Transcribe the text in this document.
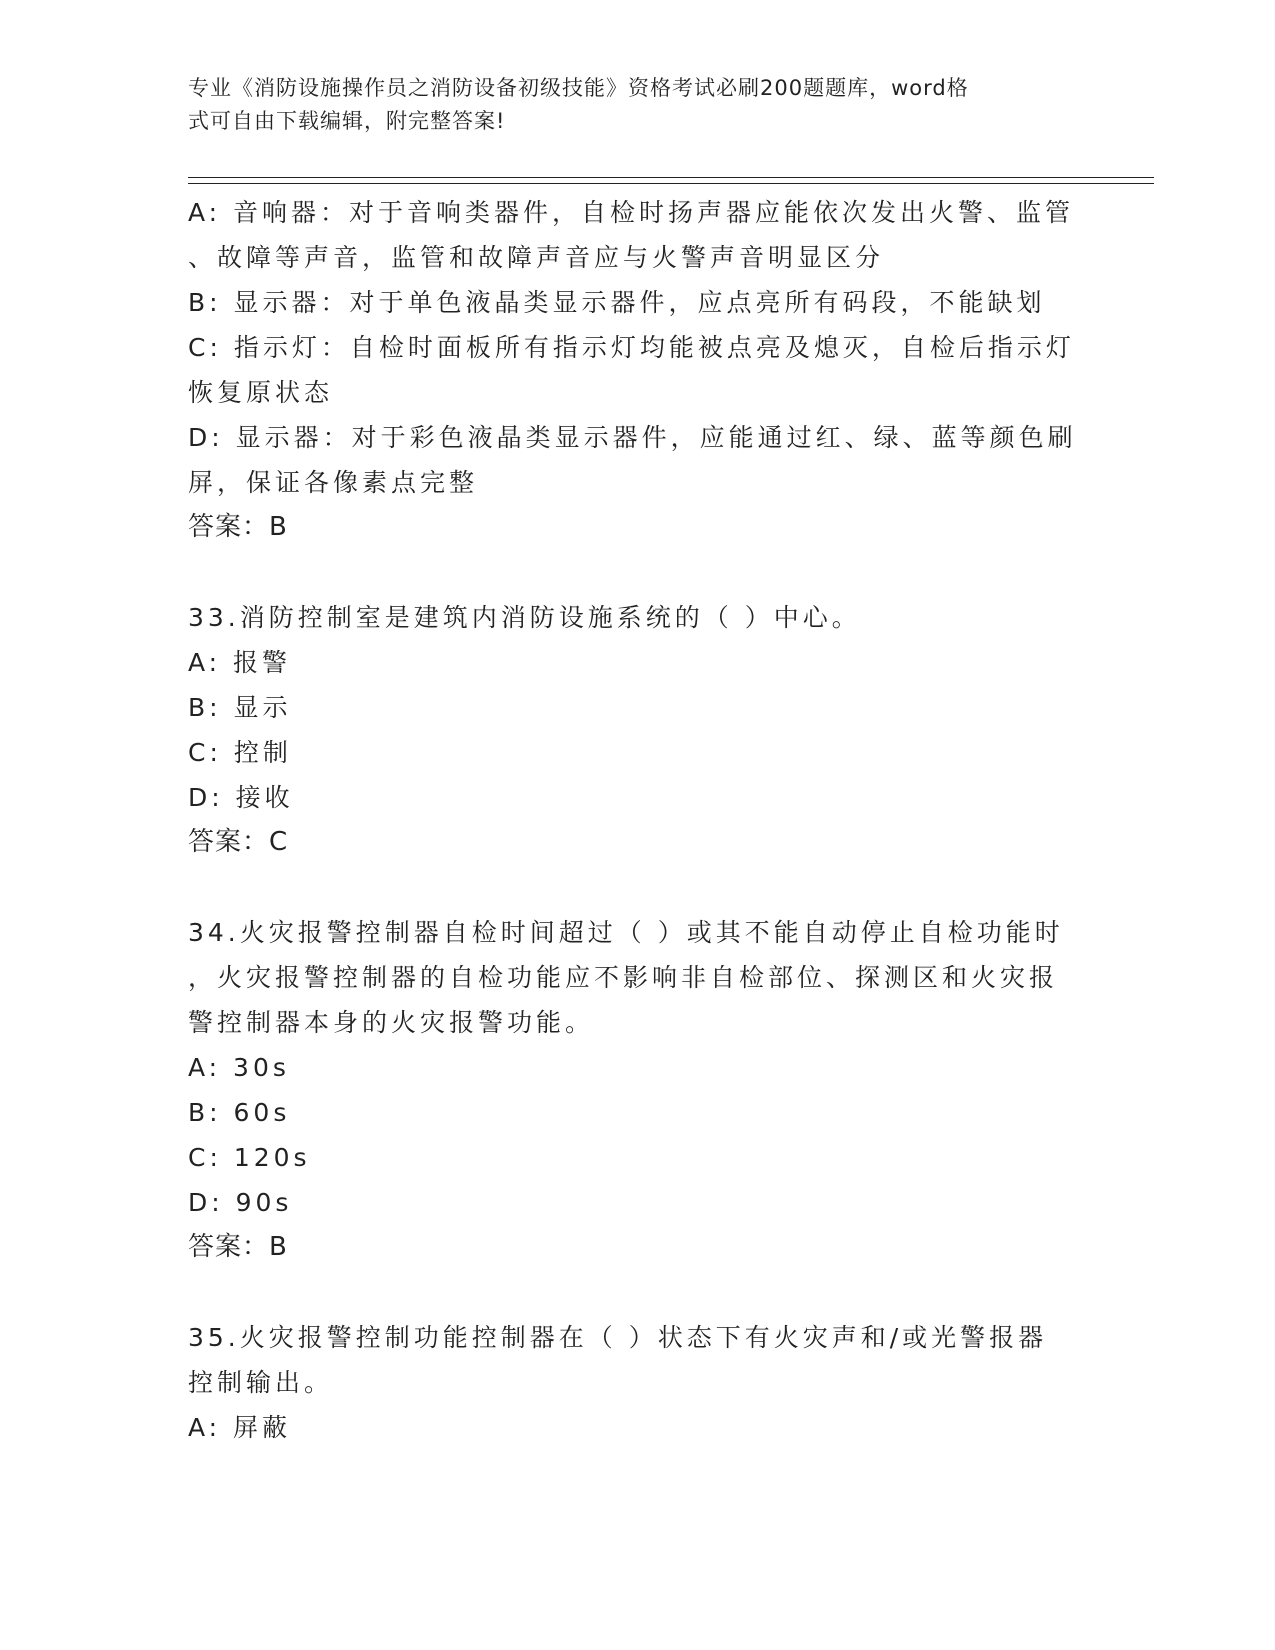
专业《消防设施操作员之消防设备初级技能》资格考试必刷200题题库，word格
式可自由下载编辑，附完整答案!
A: 音响器：对于音响类器件，自检时扬声器应能依次发出火警、监管
、故障等声音，监管和故障声音应与火警声音明显区分
B: 显示器：对于单色液晶类显示器件，应点亮所有码段，不能缺划
C: 指示灯：自检时面板所有指示灯均能被点亮及熄灭，自检后指示灯
恢复原状态
D: 显示器：对于彩色液晶类显示器件，应能通过红、绿、蓝等颜色刷
屏，保证各像素点完整
答案：B
33.消防控制室是建筑内消防设施系统的（ ）中心。
A: 报警
B: 显示
C: 控制
D: 接收
答案：C
34.火灾报警控制器自检时间超过（ ）或其不能自动停止自检功能时
，火灾报警控制器的自检功能应不影响非自检部位、探测区和火灾报
警控制器本身的火灾报警功能。
A: 30s
B: 60s
C: 120s
D: 90s
答案：B
35.火灾报警控制功能控制器在（ ）状态下有火灾声和/或光警报器
控制输出。
A: 屏蔽
